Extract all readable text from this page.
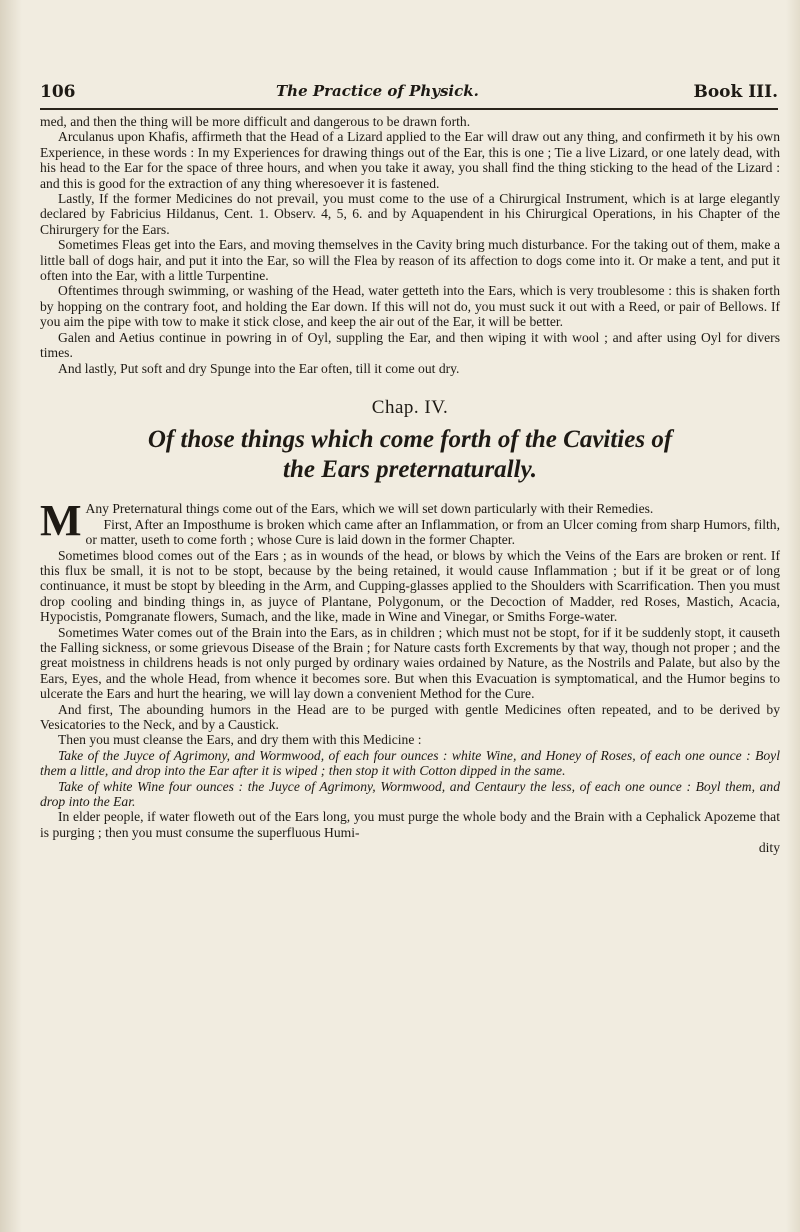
106	The Practice of Physick.	Book III.

med, and then the thing will be more difficult and dangerous to be drawn forth.

Arculanus upon Khafis, affirmeth that the Head of a Lizard applied to the Ear will draw out any thing, and confirmeth it by his own Experience, in these words : In my Experiences for drawing things out of the Ear, this is one ; Tie a live Lizard, or one lately dead, with his head to the Ear for the space of three hours, and when you take it away, you shall find the thing sticking to the head of the Lizard : and this is good for the extraction of any thing wheresoever it is fastened.

Lastly, If the former Medicines do not prevail, you must come to the use of a Chirurgical Instrument, which is at large elegantly declared by Fabricius Hildanus, Cent. 1. Observ. 4, 5, 6. and by Aquapendent in his Chirurgical Operations, in his Chapter of the Chirurgery for the Ears.

Sometimes Fleas get into the Ears, and moving themselves in the Cavity bring much disturbance. For the taking out of them, make a little ball of dogs hair, and put it into the Ear, so will the Flea by reason of its affection to dogs come into it. Or make a tent, and put it often into the Ear, with a little Turpentine.

Oftentimes through swimming, or washing of the Head, water getteth into the Ears, which is very troublesome : this is shaken forth by hopping on the contrary foot, and holding the Ear down. If this will not do, you must suck it out with a Reed, or pair of Bellows. If you aim the pipe with tow to make it stick close, and keep the air out of the Ear, it will be better.

Galen and Aetius continue in powring in of Oyl, suppling the Ear, and then wiping it with wool ; and after using Oyl for divers times.

And lastly, Put soft and dry Spunge into the Ear often, till it come out dry.

Chap. IV.
Of those things which come forth of the Cavities of
the Ears preternaturally.

M Any Preternatural things come out of the Ears, which we will set down particularly with their Remedies.

First, After an Imposthume is broken which came after an Inflammation, or from an Ulcer coming from sharp Humors, filth, or matter, useth to come forth ; whose Cure is laid down in the former Chapter.

Sometimes blood comes out of the Ears ; as in wounds of the head, or blows by which the Veins of the Ears are broken or rent. If this flux be small, it is not to be stopt, because by the being retained, it would cause Inflammation ; but if it be great or of long continuance, it must be stopt by bleeding in the Arm, and Cupping-glasses applied to the Shoulders with Scarrification. Then you must drop cooling and binding things in, as juyce of Plantane, Polygonum, or the Decoction of Madder, red Roses, Mastich, Acacia, Hypocistis, Pomgranate flowers, Sumach, and the like, made in Wine and Vinegar, or Smiths Forge-water.

Sometimes Water comes out of the Brain into the Ears, as in children ; which must not be stopt, for if it be suddenly stopt, it causeth the Falling sickness, or some grievous Disease of the Brain ; for Nature casts forth Excrements by that way, though not proper ; and the great moistness in childrens heads is not only purged by ordinary waies ordained by Nature, as the Nostrils and Palate, but also by the Ears, Eyes, and the whole Head, from whence it becomes sore. But when this Evacuation is symptomatical, and the Humor begins to ulcerate the Ears and hurt the hearing, we will lay down a convenient Method for the Cure.

And first, The abounding humors in the Head are to be purged with gentle Medicines often repeated, and to be derived by Vesicatories to the Neck, and by a Caustick.

Then you must cleanse the Ears, and dry them with this Medicine :

Take of the Juyce of Agrimony, and Wormwood, of each four ounces : white Wine, and Honey of Roses, of each one ounce : Boyl them a little, and drop into the Ear after it is wiped ; then stop it with Cotton dipped in the same.

Take of white Wine four ounces : the Juyce of Agrimony, Wormwood, and Centaury the less, of each one ounce : Boyl them, and drop into the Ear.

In elder people, if water floweth out of the Ears long, you must purge the whole body and the Brain with a Cephalick Apozeme that is purging ; then you must consume the superfluous Humi-

dity
